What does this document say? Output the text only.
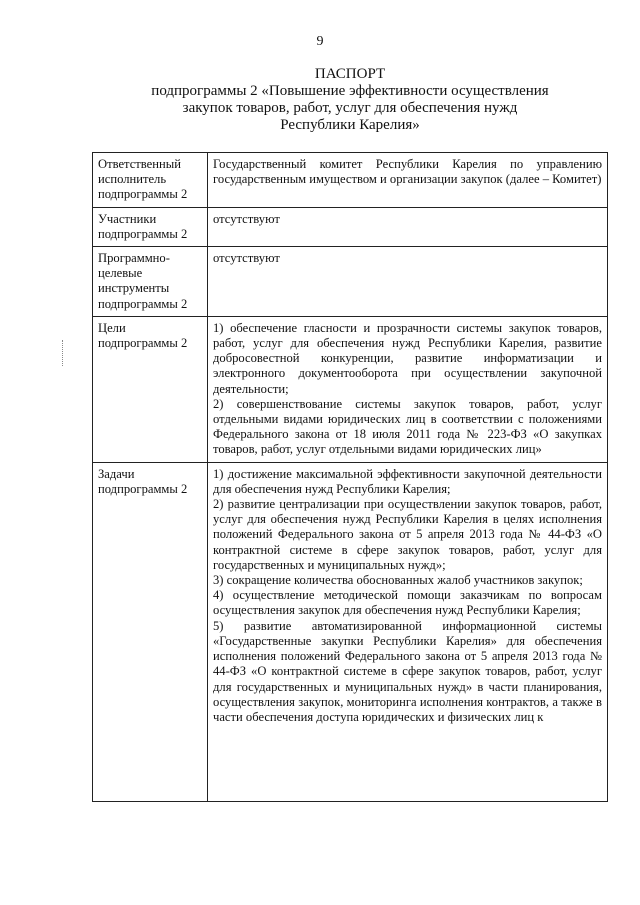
9
ПАСПОРТ
подпрограммы 2 «Повышение эффективности осуществления
закупок товаров, работ, услуг для обеспечения нужд
Республики Карелия»
Ответственный исполнитель подпрограммы 2	Государственный комитет Республики Карелия по управлению государственным имуществом и организации закупок (далее – Комитет)

Участники подпрограммы 2	отсутствуют

Программно-целевые инструменты подпрограммы 2	отсутствуют

Цели подпрограммы 2	1) обеспечение гласности и прозрачности системы закупок товаров, работ, услуг для обеспечения нужд Республики Карелия, развитие добросовестной конкуренции, развитие информатизации и электронного документооборота при осуществлении закупочной деятельности;
2) совершенствование системы закупок товаров, работ, услуг отдельными видами юридических лиц в соответствии с положениями Федерального закона от 18 июля 2011 года № 223-ФЗ «О закупках товаров, работ, услуг отдельными видами юридических лиц»

Задачи подпрограммы 2	1) достижение максимальной эффективности закупочной деятельности для обеспечения нужд Республики Карелия;
2) развитие централизации при осуществлении закупок товаров, работ, услуг для обеспечения нужд Республики Карелия в целях исполнения положений Федерального закона от 5 апреля 2013 года № 44-ФЗ «О контрактной системе в сфере закупок товаров, работ, услуг для государственных и муниципальных нужд»;
3) сокращение количества обоснованных жалоб участников закупок;
4) осуществление методической помощи заказчикам по вопросам осуществления закупок для обеспечения нужд Республики Карелия;
5) развитие автоматизированной информационной системы «Государственные закупки Республики Карелия» для обеспечения исполнения положений Федерального закона от 5 апреля 2013 года № 44-ФЗ «О контрактной системе в сфере закупок товаров, работ, услуг для государственных и муниципальных нужд» в части планирования, осуществления закупок, мониторинга исполнения контрактов, а также в части обеспечения доступа юридических и физических лиц к
